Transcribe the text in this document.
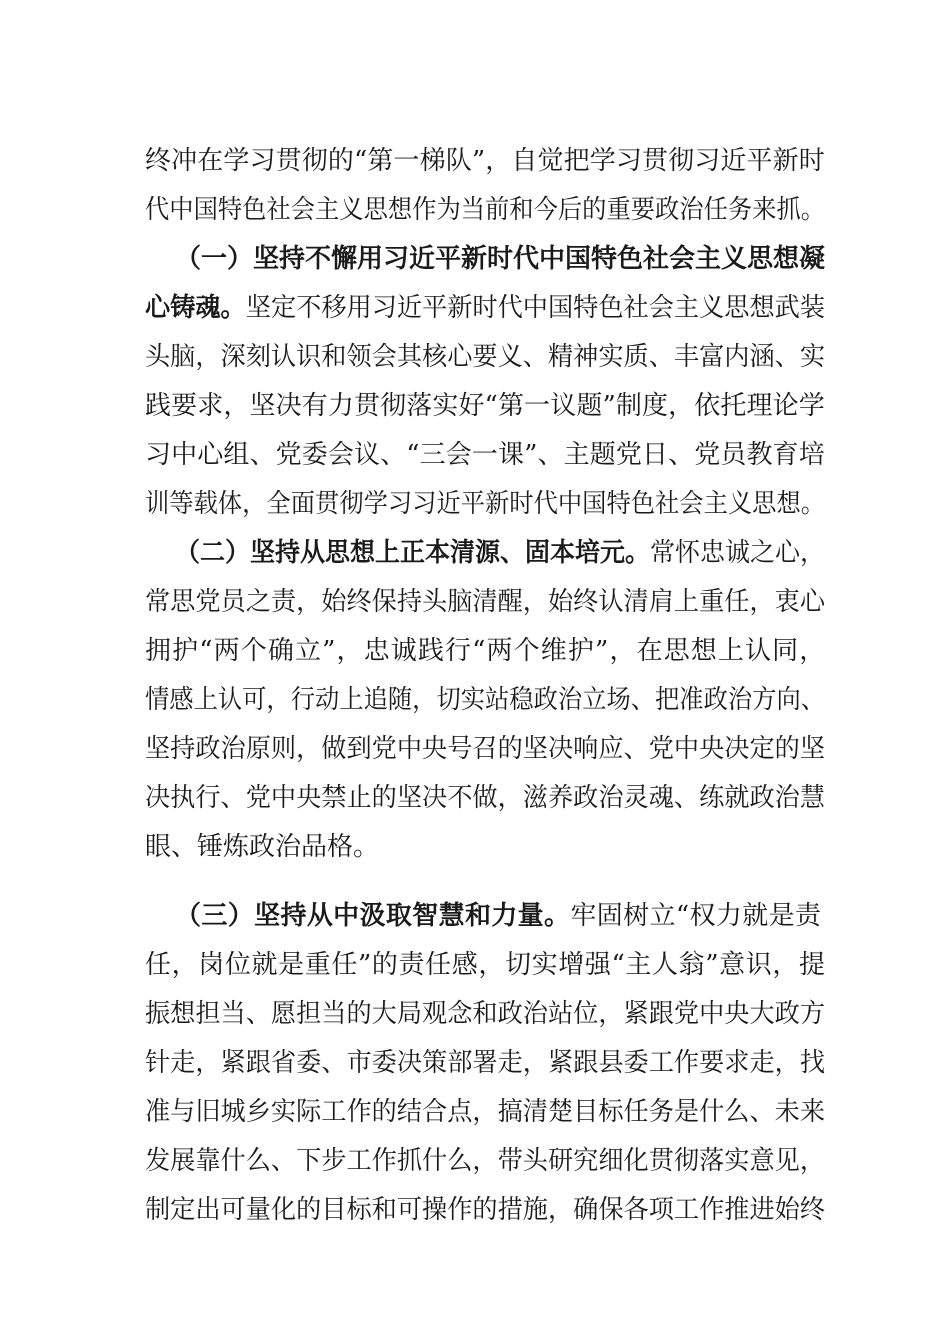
终冲在学习贯彻的“第一梯队”，自觉把学习贯彻习近平新时
代中国特色社会主义思想作为当前和今后的重要政治任务来抓。
（一）坚持不懈用习近平新时代中国特色社会主义思想凝
心铸魂。坚定不移用习近平新时代中国特色社会主义思想武装
头脑，深刻认识和领会其核心要义、精神实质、丰富内涵、实
践要求，坚决有力贯彻落实好“第一议题”制度，依托理论学
习中心组、党委会议、“三会一课”、主题党日、党员教育培
训等载体，全面贯彻学习习近平新时代中国特色社会主义思想。
（二）坚持从思想上正本清源、固本培元。常怀忠诚之心，
常思党员之责，始终保持头脑清醒，始终认清肩上重任，衷心
拥护“两个确立”，忠诚践行“两个维护”，在思想上认同，
情感上认可，行动上追随，切实站稳政治立场、把准政治方向、
坚持政治原则，做到党中央号召的坚决响应、党中央决定的坚
决执行、党中央禁止的坚决不做，滋养政治灵魂、练就政治慧
眼、锤炼政治品格。
（三）坚持从中汲取智慧和力量。牢固树立“权力就是责
任，岗位就是重任”的责任感，切实增强“主人翁”意识，提
振想担当、愿担当的大局观念和政治站位，紧跟党中央大政方
针走，紧跟省委、市委决策部署走，紧跟县委工作要求走，找
准与旧城乡实际工作的结合点，搞清楚目标任务是什么、未来
发展靠什么、下步工作抓什么，带头研究细化贯彻落实意见，
制定出可量化的目标和可操作的措施，确保各项工作推进始终
